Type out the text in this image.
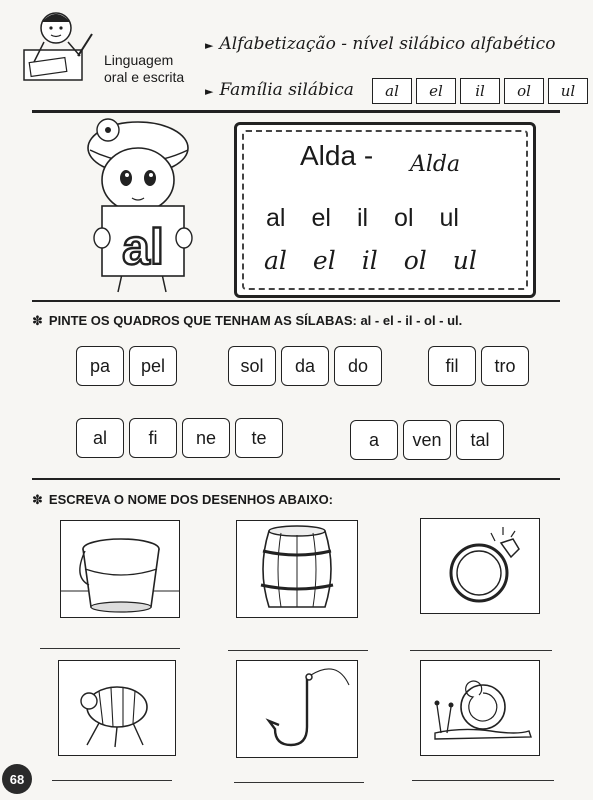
Linguagem
oral e escrita
► Alfabetização - nível silábico alfabético
► Família silábica	al	el	il	ol	ul
al
Alda - Alda
al el il ol ul
al el il ol ul
✽ PINTE OS QUADROS QUE TENHAM AS SÍLABAS: al - el - il - ol - ul.
pa	pel	sol	da	do	fil	tro
al	fi	ne	te	a	ven	tal
✽ ESCREVA O NOME DOS DESENHOS ABAIXO:
68
